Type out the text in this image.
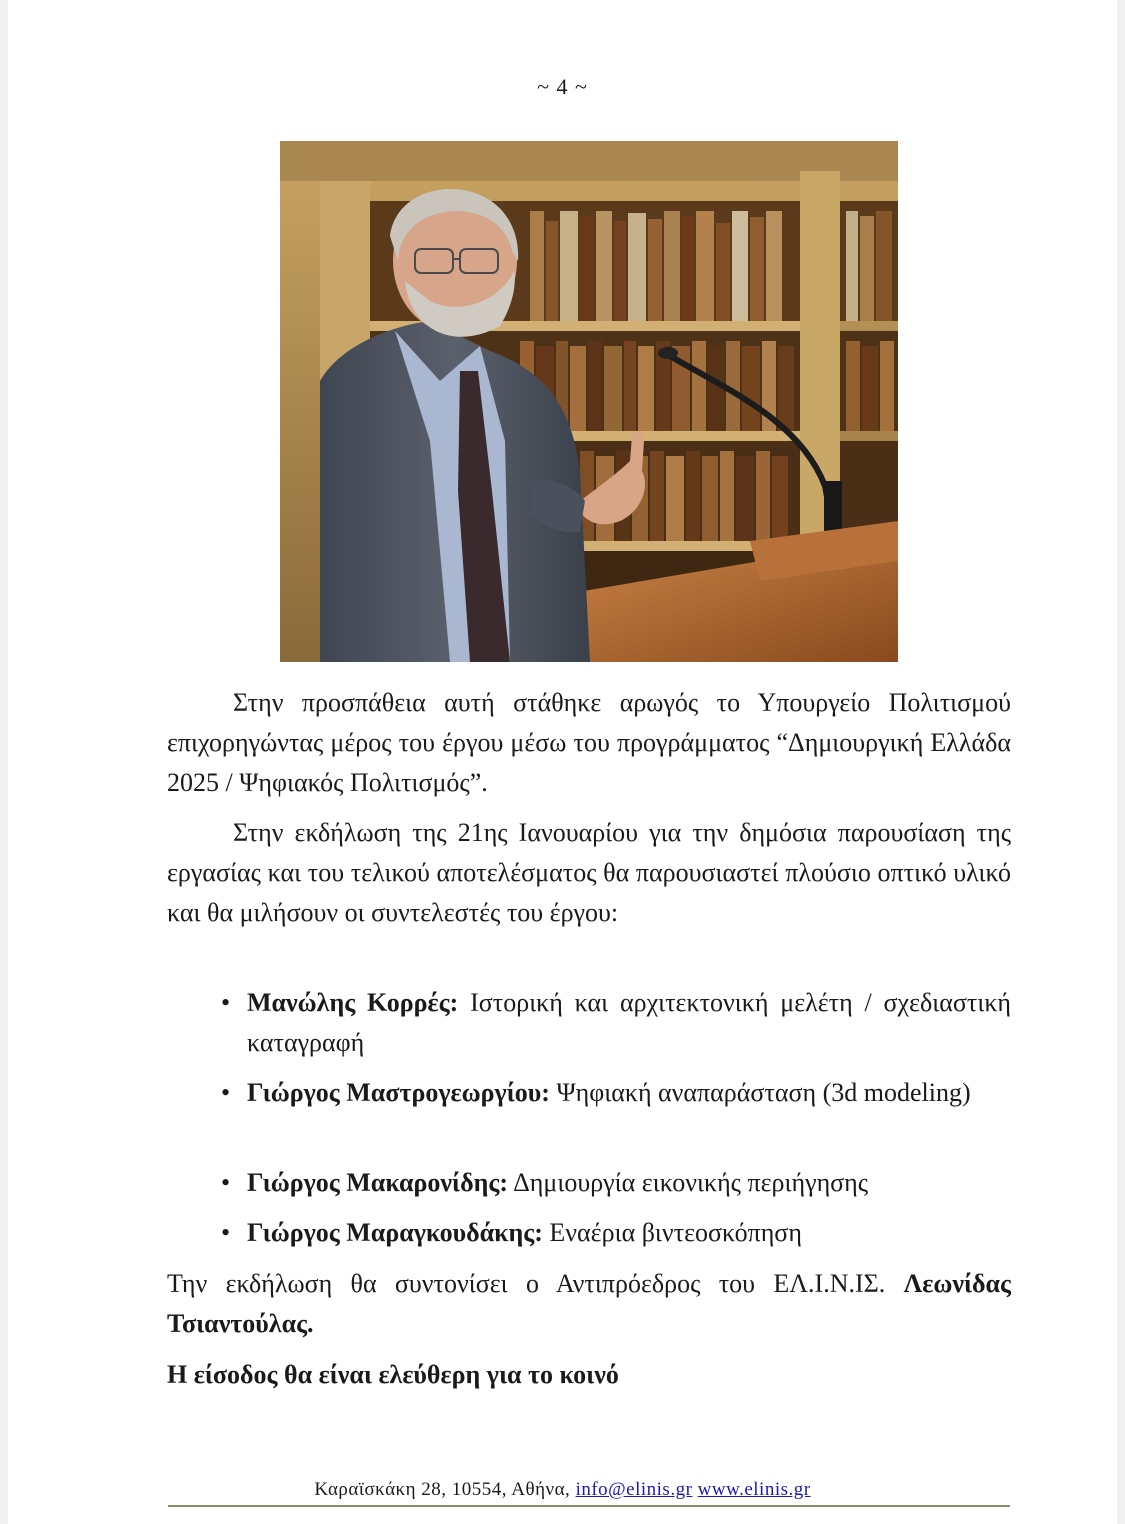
~ 4 ~
Στην προσπάθεια αυτή στάθηκε αρωγός το Υπουργείο Πολιτισμού επιχορηγώντας μέρος του έργου μέσω του προγράμματος “Δημιουργική Ελλάδα 2025 / Ψηφιακός Πολιτισμός”.
Στην εκδήλωση της 21ης Ιανουαρίου για την δημόσια παρουσίαση της εργασίας και του τελικού αποτελέσματος θα παρουσιαστεί πλούσιο οπτικό υλικό και θα μιλήσουν οι συντελεστές του έργου:
• Μανώλης Κορρές: Ιστορική και αρχιτεκτονική μελέτη / σχεδιαστική καταγραφή
• Γιώργος Μαστρογεωργίου: Ψηφιακή αναπαράσταση (3d modeling)
• Γιώργος Μακαρονίδης: Δημιουργία εικονικής περιήγησης
• Γιώργος Μαραγκουδάκης: Εναέρια βιντεοσκόπηση
Την εκδήλωση θα συντονίσει ο Αντιπρόεδρος του ΕΛ.Ι.Ν.ΙΣ. Λεωνίδας Τσιαντούλας.
Η είσοδος θα είναι ελεύθερη για το κοινό
Καραϊσκάκη 28, 10554, Αθήνα, info@elinis.gr www.elinis.gr
